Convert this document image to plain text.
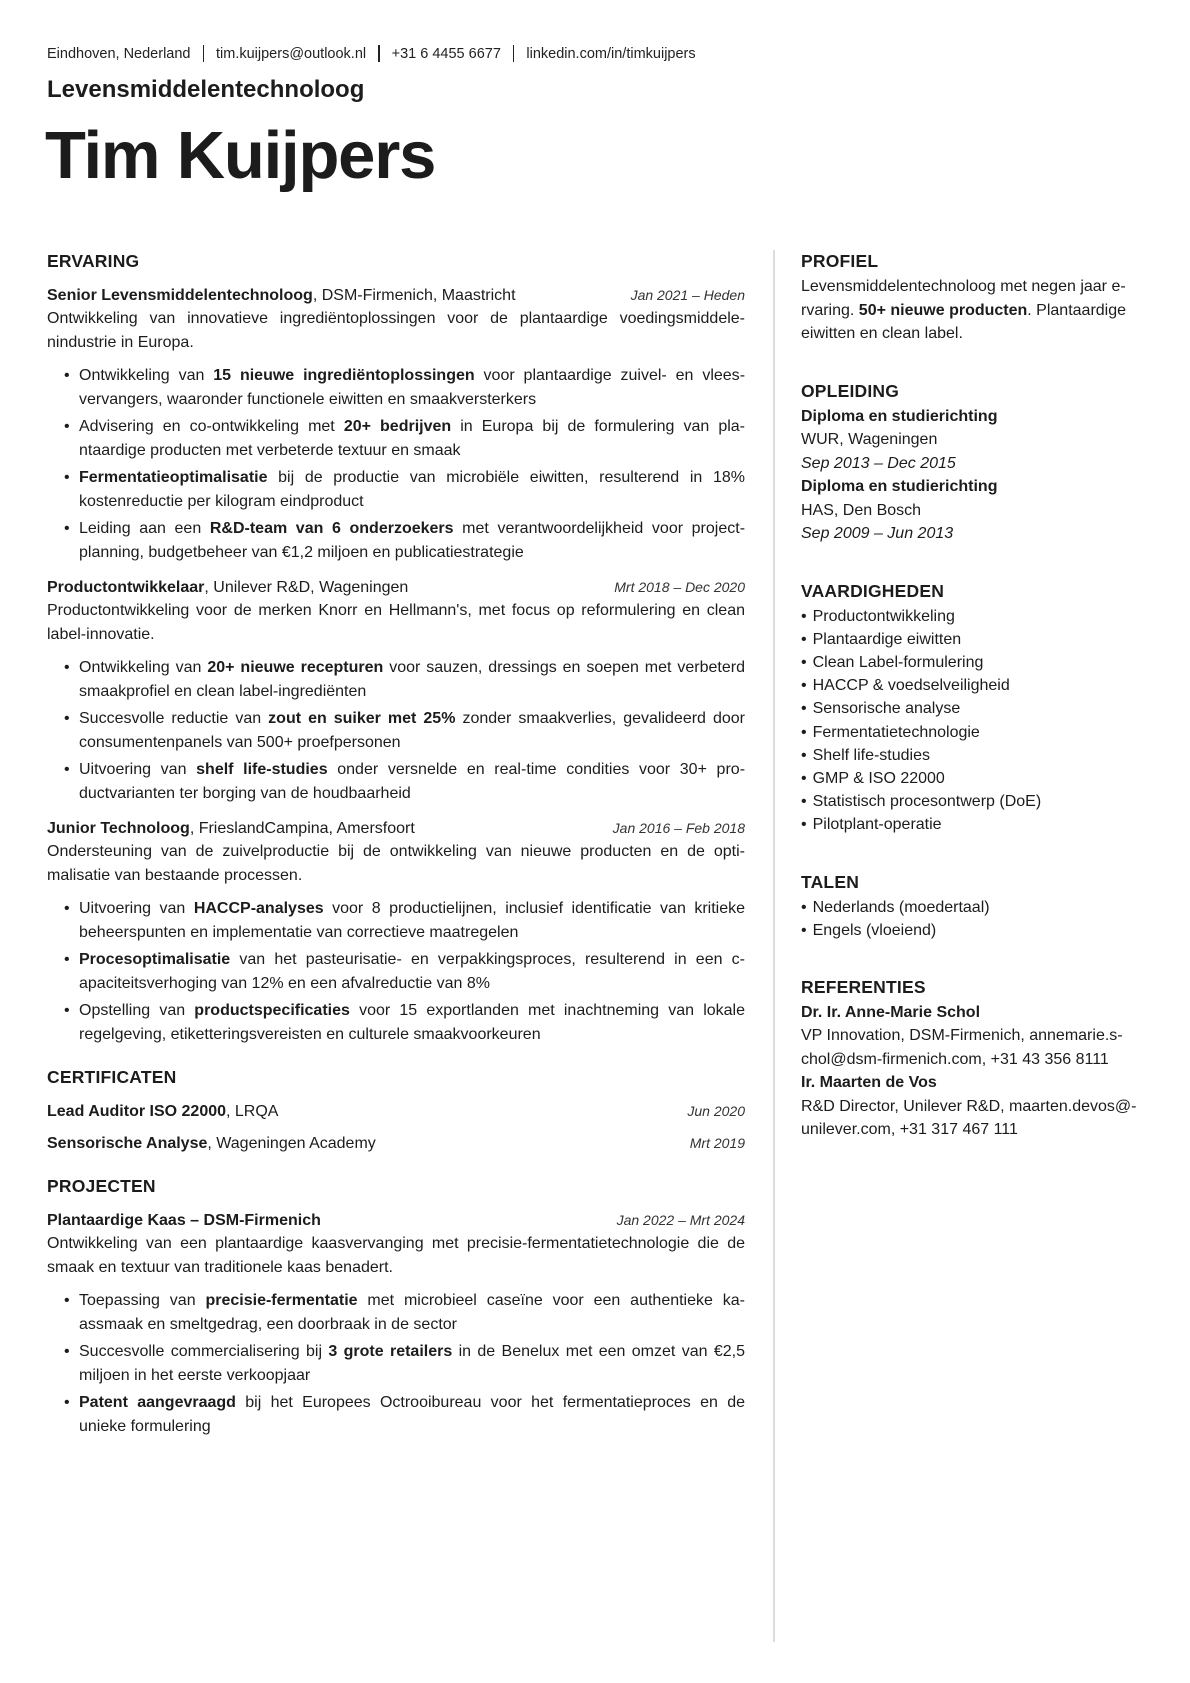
Eindhoven, Nederland tim.kuijpers@outlook.nl +31 6 4455 6677 linkedin.com/in/timkuijpers
Levensmiddelentechnoloog
Tim Kuijpers
ERVARING
Senior Levensmiddelentechnoloog, DSM-Firmenich, Maastricht	Jan 2021 – Heden
Ontwikkeling van innovatieve ingrediëntoplossingen voor de plantaardige voedingsmiddelenindustrie in Europa.
• Ontwikkeling van 15 nieuwe ingrediëntoplossingen voor plantaardige zuivel- en vleesvervangers, waaronder functionele eiwitten en smaakversterkers
• Advisering en co-ontwikkeling met 20+ bedrijven in Europa bij de formulering van plantaardige producten met verbeterde textuur en smaak
• Fermentatieoptimalisatie bij de productie van microbiële eiwitten, resulterend in 18% kostenreductie per kilogram eindproduct
• Leiding aan een R&D-team van 6 onderzoekers met verantwoordelijkheid voor projectplanning, budgetbeheer van €1,2 miljoen en publicatiestrategie
Productontwikkelaar, Unilever R&D, Wageningen	Mrt 2018 – Dec 2020
Productontwikkeling voor de merken Knorr en Hellmann's, met focus op reformulering en clean label-innovatie.
• Ontwikkeling van 20+ nieuwe recepturen voor sauzen, dressings en soepen met verbeterd smaakprofiel en clean label-ingrediënten
• Succesvolle reductie van zout en suiker met 25% zonder smaakverlies, gevalideerd door consumentenpanels van 500+ proefpersonen
• Uitvoering van shelf life-studies onder versnelde en real-time condities voor 30+ productvarianten ter borging van de houdbaarheid
Junior Technoloog, FrieslandCampina, Amersfoort	Jan 2016 – Feb 2018
Ondersteuning van de zuivelproductie bij de ontwikkeling van nieuwe producten en de optimalisatie van bestaande processen.
• Uitvoering van HACCP-analyses voor 8 productielijnen, inclusief identificatie van kritieke beheerspunten en implementatie van correctieve maatregelen
• Procesoptimalisatie van het pasteurisatie- en verpakkingsproces, resulterend in een capaciteitsverhoging van 12% en een afvalreductie van 8%
• Opstelling van productspecificaties voor 15 exportlanden met inachtneming van lokale regelgeving, etiketteringsvereisten en culturele smaakvoorkeuren
CERTIFICATEN
Lead Auditor ISO 22000, LRQA	Jun 2020
Sensorische Analyse, Wageningen Academy	Mrt 2019
PROJECTEN
Plantaardige Kaas – DSM-Firmenich	Jan 2022 – Mrt 2024
Ontwikkeling van een plantaardige kaasvervanging met precisie-fermentatietechnologie die de smaak en textuur van traditionele kaas benadert.
• Toepassing van precisie-fermentatie met microbieel caseïne voor een authentieke kaassmaak en smeltgedrag, een doorbraak in de sector
• Succesvolle commercialisering bij 3 grote retailers in de Benelux met een omzet van €2,5 miljoen in het eerste verkoopjaar
• Patent aangevraagd bij het Europees Octrooibureau voor het fermentatieproces en de unieke formulering
PROFIEL
Levensmiddelentechnoloog met negen jaar ervaring. 50+ nieuwe producten. Plantaardige eiwitten en clean label.
OPLEIDING
Diploma en studierichting
WUR, Wageningen
Sep 2013 – Dec 2015
Diploma en studierichting
HAS, Den Bosch
Sep 2009 – Jun 2013
VAARDIGHEDEN
• Productontwikkeling
• Plantaardige eiwitten
• Clean Label-formulering
• HACCP & voedselveiligheid
• Sensorische analyse
• Fermentatietechnologie
• Shelf life-studies
• GMP & ISO 22000
• Statistisch procesontwerp (DoE)
• Pilotplant-operatie
TALEN
• Nederlands (moedertaal)
• Engels (vloeiend)
REFERENTIES
Dr. Ir. Anne-Marie Schol
VP Innovation, DSM-Firmenich, annemarie.schol@dsm-firmenich.com, +31 43 356 8111
Ir. Maarten de Vos
R&D Director, Unilever R&D, maarten.devos@unilever.com, +31 317 467 111
